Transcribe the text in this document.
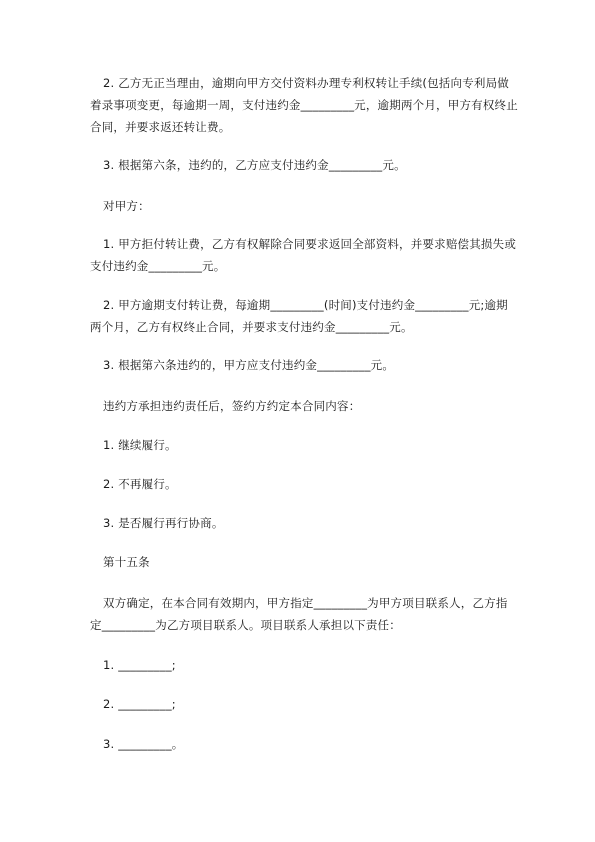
2. 乙方无正当理由，逾期向甲方交付资料办理专利权转让手续(包括向专利局做
着录事项变更，每逾期一周，支付违约金_________元，逾期两个月，甲方有权终止
合同，并要求返还转让费。

3. 根据第六条，违约的，乙方应支付违约金_________元。

对甲方：

1. 甲方拒付转让费，乙方有权解除合同要求返回全部资料，并要求赔偿其损失或
支付违约金_________元。
2. 甲方逾期支付转让费，每逾期_________(时间)支付违约金_________元;逾期
两个月，乙方有权终止合同，并要求支付违约金_________元。

3. 根据第六条违约的，甲方应支付违约金_________元。

违约方承担违约责任后，签约方约定本合同内容：

1. 继续履行。

2. 不再履行。

3. 是否履行再行协商。

第十五条

双方确定，在本合同有效期内，甲方指定_________为甲方项目联系人，乙方指
定_________为乙方项目联系人。项目联系人承担以下责任：

1. _________;

2. _________;

3. _________。
